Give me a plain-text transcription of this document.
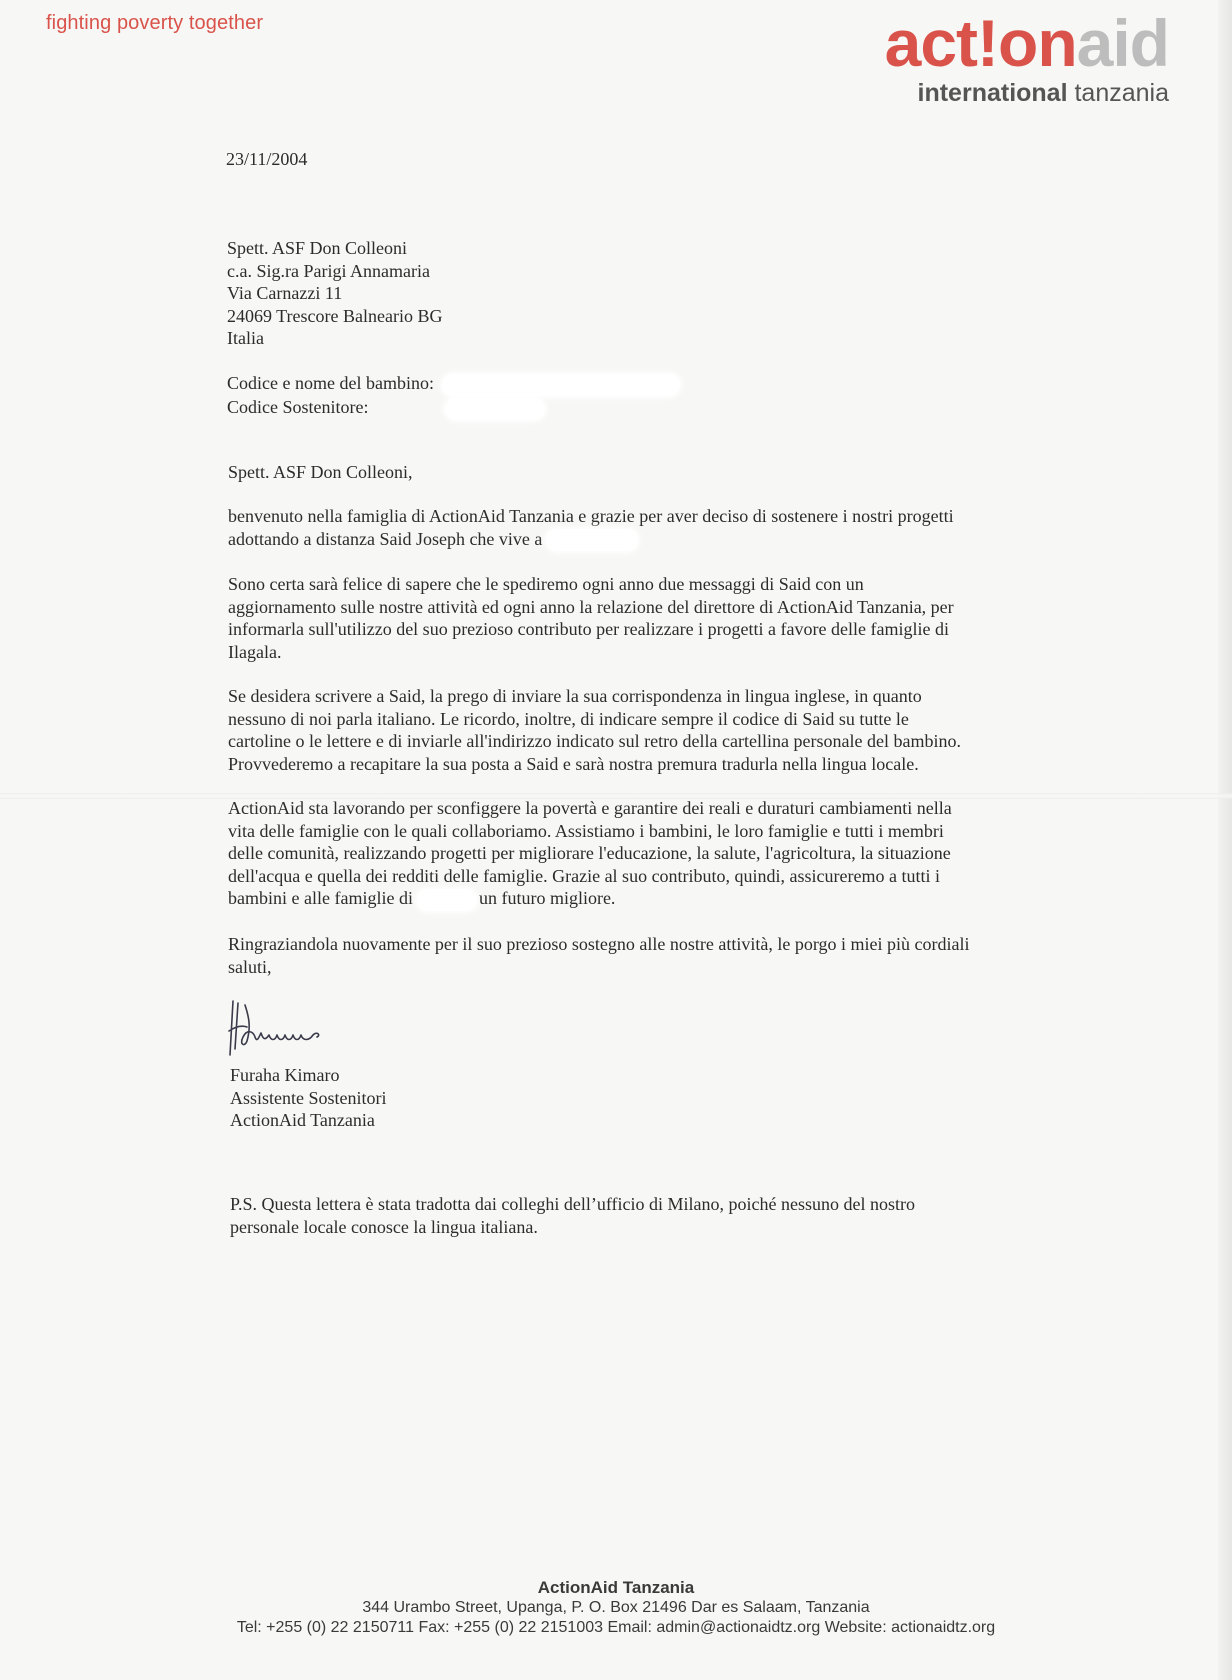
fighting poverty together	act!onaid
international tanzania
23/11/2004
Spett. ASF Don Colleoni
c.a. Sig.ra Parigi Annamaria
Via Carnazzi 11
24069 Trescore Balneario BG
Italia
Codice e nome del bambino:
Codice Sostenitore:
Spett. ASF Don Colleoni,
benvenuto nella famiglia di ActionAid Tanzania e grazie per aver deciso di sostenere i nostri progetti
adottando a distanza Said Joseph che vive a
Sono certa sarà felice di sapere che le spediremo ogni anno due messaggi di Said con un
aggiornamento sulle nostre attività ed ogni anno la relazione del direttore di ActionAid Tanzania, per
informarla sull'utilizzo del suo prezioso contributo per realizzare i progetti a favore delle famiglie di
Ilagala.
Se desidera scrivere a Said, la prego di inviare la sua corrispondenza in lingua inglese, in quanto
nessuno di noi parla italiano. Le ricordo, inoltre, di indicare sempre il codice di Said su tutte le
cartoline o le lettere e di inviarle all'indirizzo indicato sul retro della cartellina personale del bambino.
Provvederemo a recapitare la sua posta a Said e sarà nostra premura tradurla nella lingua locale.
ActionAid sta lavorando per sconfiggere la povertà e garantire dei reali e duraturi cambiamenti nella
vita delle famiglie con le quali collaboriamo. Assistiamo i bambini, le loro famiglie e tutti i membri
delle comunità, realizzando progetti per migliorare l'educazione, la salute, l'agricoltura, la situazione
dell'acqua e quella dei redditi delle famiglie. Grazie al suo contributo, quindi, assicureremo a tutti i
bambini e alle famiglie di	un futuro migliore.
Ringraziandola nuovamente per il suo prezioso sostegno alle nostre attività, le porgo i miei più cordiali
saluti,
Furaha Kimaro
Assistente Sostenitori
ActionAid Tanzania
P.S. Questa lettera è stata tradotta dai colleghi dell’ufficio di Milano, poiché nessuno del nostro
personale locale conosce la lingua italiana.
ActionAid Tanzania
344 Urambo Street, Upanga, P. O. Box 21496 Dar es Salaam, Tanzania
Tel: +255 (0) 22 2150711 Fax: +255 (0) 22 2151003 Email: admin@actionaidtz.org Website: actionaidtz.org
